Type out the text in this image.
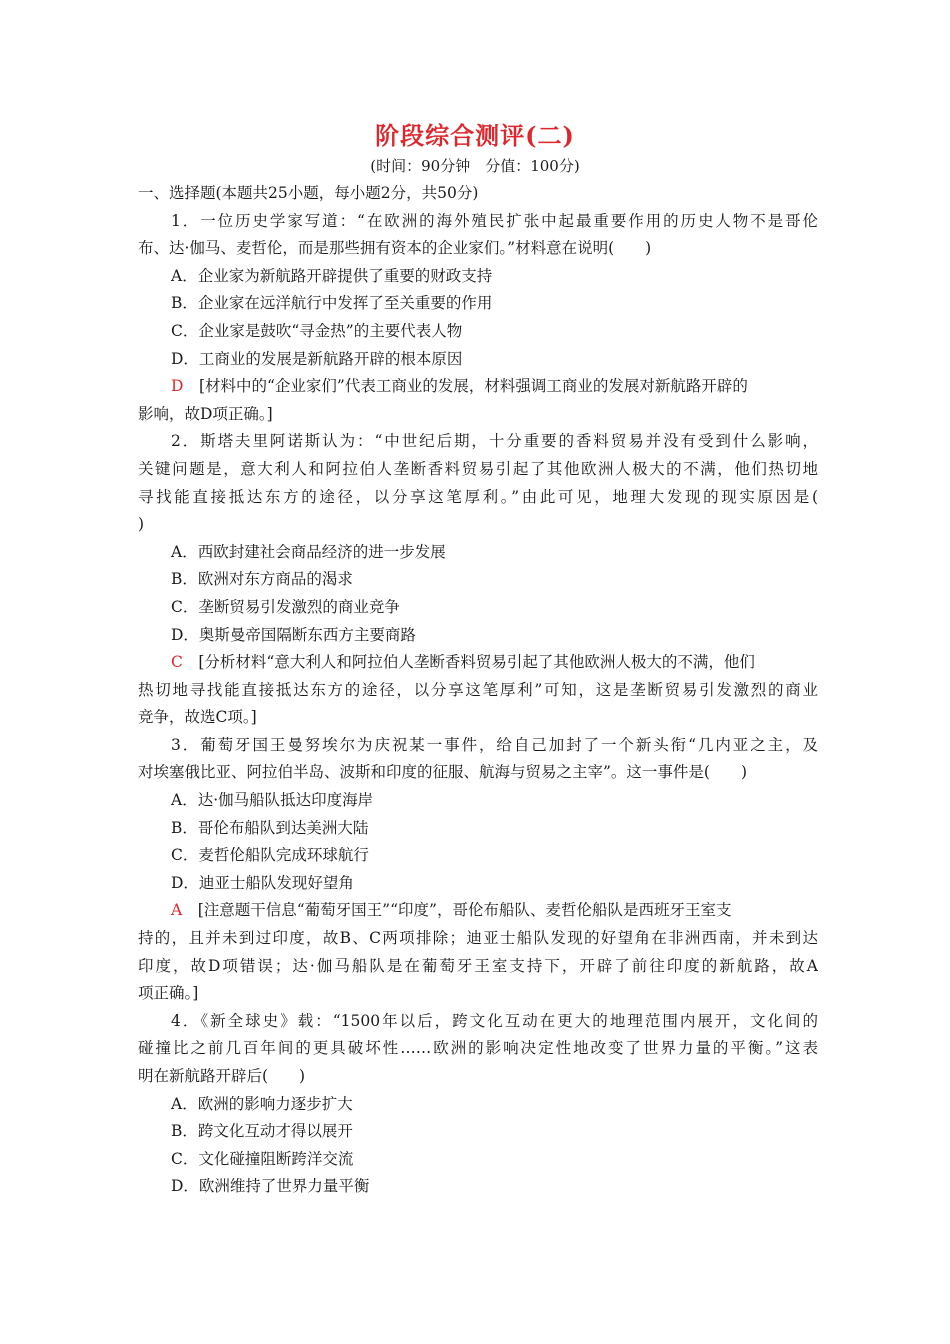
阶段综合测评(二)
(时间：90分钟　分值：100分)
一、选择题(本题共25小题，每小题2分，共50分)
1．一位历史学家写道：“在欧洲的海外殖民扩张中起最重要作用的历史人物不是哥伦
布、达·伽马、麦哲伦，而是那些拥有资本的企业家们。”材料意在说明(　　)
A．企业家为新航路开辟提供了重要的财政支持
B．企业家在远洋航行中发挥了至关重要的作用
C．企业家是鼓吹“寻金热”的主要代表人物
D．工商业的发展是新航路开辟的根本原因
D　[材料中的“企业家们”代表工商业的发展，材料强调工商业的发展对新航路开辟的
影响，故D项正确。]
2．斯塔夫里阿诺斯认为：“中世纪后期，十分重要的香料贸易并没有受到什么影响，
关键问题是，意大利人和阿拉伯人垄断香料贸易引起了其他欧洲人极大的不满，他们热切地
寻找能直接抵达东方的途径，以分享这笔厚利。”由此可见，地理大发现的现实原因是(
)
A．西欧封建社会商品经济的进一步发展
B．欧洲对东方商品的渴求
C．垄断贸易引发激烈的商业竞争
D．奥斯曼帝国隔断东西方主要商路
C　[分析材料“意大利人和阿拉伯人垄断香料贸易引起了其他欧洲人极大的不满，他们
热切地寻找能直接抵达东方的途径，以分享这笔厚利”可知，这是垄断贸易引发激烈的商业
竞争，故选C项。]
3．葡萄牙国王曼努埃尔为庆祝某一事件，给自己加封了一个新头衔“几内亚之主，及
对埃塞俄比亚、阿拉伯半岛、波斯和印度的征服、航海与贸易之主宰”。这一事件是(　　)
A．达·伽马船队抵达印度海岸
B．哥伦布船队到达美洲大陆
C．麦哲伦船队完成环球航行
D．迪亚士船队发现好望角
A　[注意题干信息“葡萄牙国王”“印度”，哥伦布船队、麦哲伦船队是西班牙王室支
持的，且并未到过印度，故B、C两项排除；迪亚士船队发现的好望角在非洲西南，并未到达
印度，故D项错误；达·伽马船队是在葡萄牙王室支持下，开辟了前往印度的新航路，故A
项正确。]
4．《新全球史》载：“1500年以后，跨文化互动在更大的地理范围内展开，文化间的
碰撞比之前几百年间的更具破坏性……欧洲的影响决定性地改变了世界力量的平衡。”这表
明在新航路开辟后(　　)
A．欧洲的影响力逐步扩大
B．跨文化互动才得以展开
C．文化碰撞阻断跨洋交流
D．欧洲维持了世界力量平衡
